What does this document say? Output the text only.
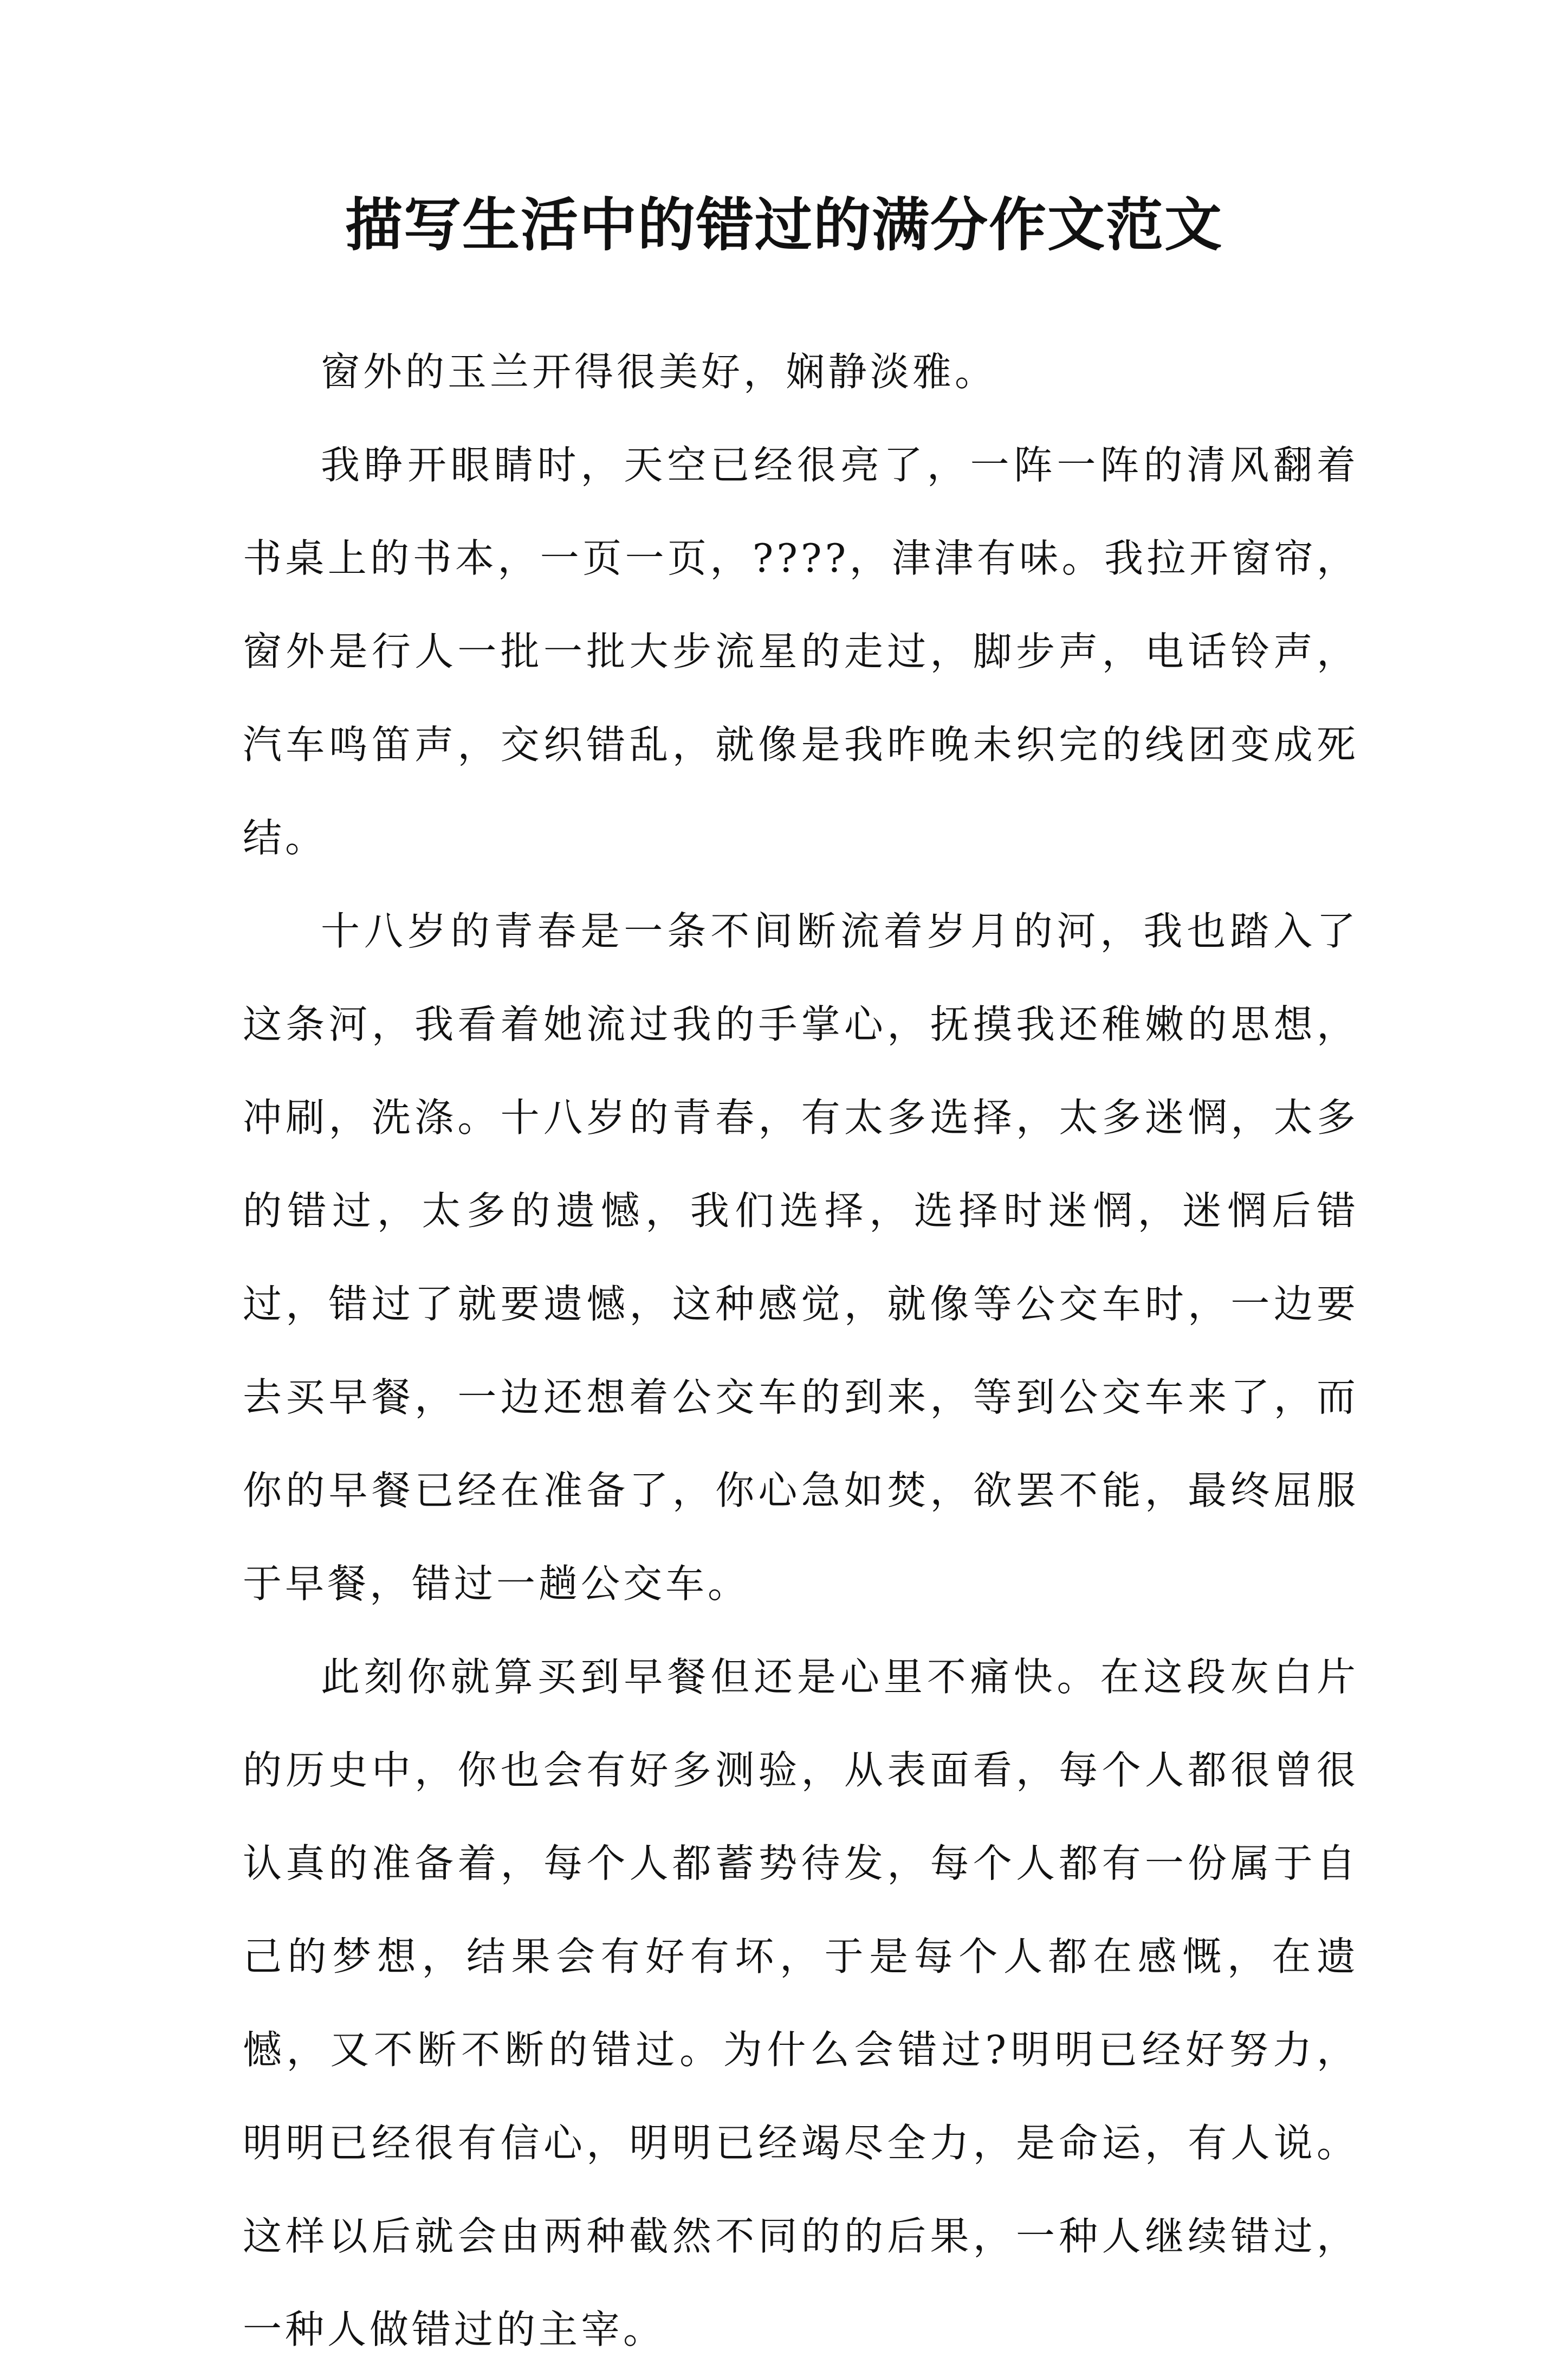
描写生活中的错过的满分作文范文

窗外的玉兰开得很美好，娴静淡雅。

我睁开眼睛时，天空已经很亮了，一阵一阵的清风翻着书桌上的书本，一页一页，????，津津有味。我拉开窗帘，窗外是行人一批一批大步流星的走过，脚步声，电话铃声，汽车鸣笛声，交织错乱，就像是我昨晚未织完的线团变成死结。

十八岁的青春是一条不间断流着岁月的河，我也踏入了这条河，我看着她流过我的手掌心，抚摸我还稚嫩的思想，冲刷，洗涤。十八岁的青春，有太多选择，太多迷惘，太多的错过，太多的遗憾，我们选择，选择时迷惘，迷惘后错过，错过了就要遗憾，这种感觉，就像等公交车时，一边要去买早餐，一边还想着公交车的到来，等到公交车来了，而你的早餐已经在准备了，你心急如焚，欲罢不能，最终屈服于早餐，错过一趟公交车。

此刻你就算买到早餐但还是心里不痛快。在这段灰白片的历史中，你也会有好多测验，从表面看，每个人都很曾很认真的准备着，每个人都蓄势待发，每个人都有一份属于自己的梦想，结果会有好有坏，于是每个人都在感慨，在遗憾，又不断不断的错过。为什么会错过?明明已经好努力，明明已经很有信心，明明已经竭尽全力，是命运，有人说。这样以后就会由两种截然不同的的后果，一种人继续错过，一种人做错过的主宰。
